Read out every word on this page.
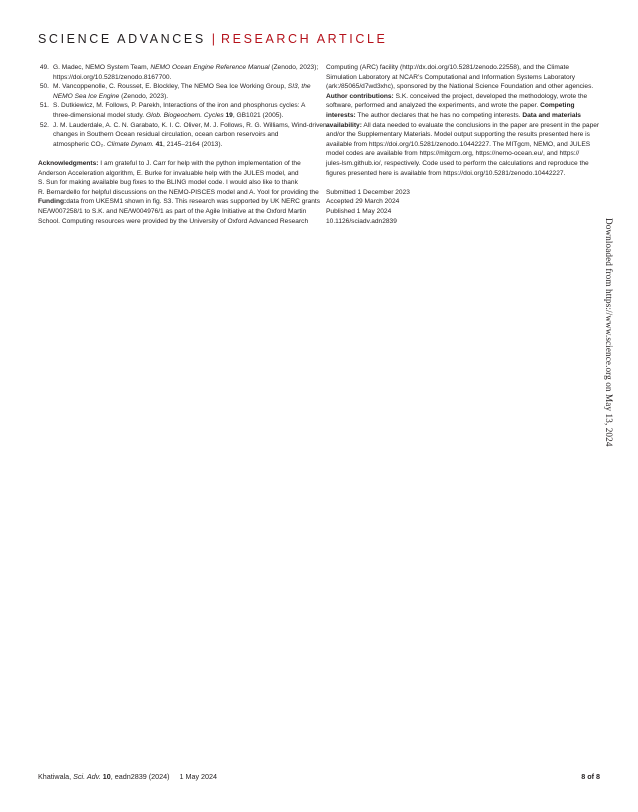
SCIENCE ADVANCES | RESEARCH ARTICLE
49. G. Madec, NEMO System Team, NEMO Ocean Engine Reference Manual (Zenodo, 2023);
https://doi.org/10.5281/zenodo.8167700.
50. M. Vancoppenolle, C. Rousset, E. Blockley, The NEMO Sea Ice Working Group, SI3, the
NEMO Sea Ice Engine (Zenodo, 2023).
51. S. Dutkiewicz, M. Follows, P. Parekh, Interactions of the iron and phosphorus cycles: A
three-dimensional model study. Glob. Biogeochem. Cycles 19, GB1021 (2005).
52. J. M. Lauderdale, A. C. N. Garabato, K. I. C. Oliver, M. J. Follows, R. G. Williams, Wind-driven
changes in Southern Ocean residual circulation, ocean carbon reservoirs and
atmospheric CO₂. Climate Dynam. 41, 2145–2164 (2013).
Acknowledgments: I am grateful to J. Carr for help with the python implementation of the
Anderson Acceleration algorithm, E. Burke for invaluable help with the JULES model, and
S. Sun for making available bug fixes to the BLING model code. I would also like to thank
R. Bernardello for helpful discussions on the NEMO-PISCES model and A. Yool for providing the
Funding:data from UKESM1 shown in fig. S3. This research was supported by UK NERC grants
NE/W007258/1 to S.K. and NE/W004976/1 as part of the Agile Initiative at the Oxford Martin
School. Computing resources were provided by the University of Oxford Advanced Research
Computing (ARC) facility (http://dx.doi.org/10.5281/zenodo.22558), and the Climate
Simulation Laboratory at NCAR’s Computational and Information Systems Laboratory
(ark:/85065/d7wd3xhc), sponsored by the National Science Foundation and other agencies.
Author contributions: S.K. conceived the project, developed the methodology, wrote the
software, performed and analyzed the experiments, and wrote the paper. Competing
interests: The author declares that he has no competing interests. Data and materials
availability: All data needed to evaluate the conclusions in the paper are present in the paper
and/or the Supplementary Materials. Model output supporting the results presented here is
available from https://doi.org/10.5281/zenodo.10442227. The MITgcm, NEMO, and JULES
model codes are available from https://mitgcm.org, https://nemo-ocean.eu/, and https://
jules-lsm.github.io/, respectively. Code used to perform the calculations and reproduce the
figures presented here is available from https://doi.org/10.5281/zenodo.10442227.
Submitted 1 December 2023
Accepted 29 March 2024
Published 1 May 2024
10.1126/sciadv.adn2839	Downloaded from https://www.science.org on May 13, 2024
Khatiwala, Sci. Adv. 10, eadn2839 (2024)     1 May 2024	8 of 8
